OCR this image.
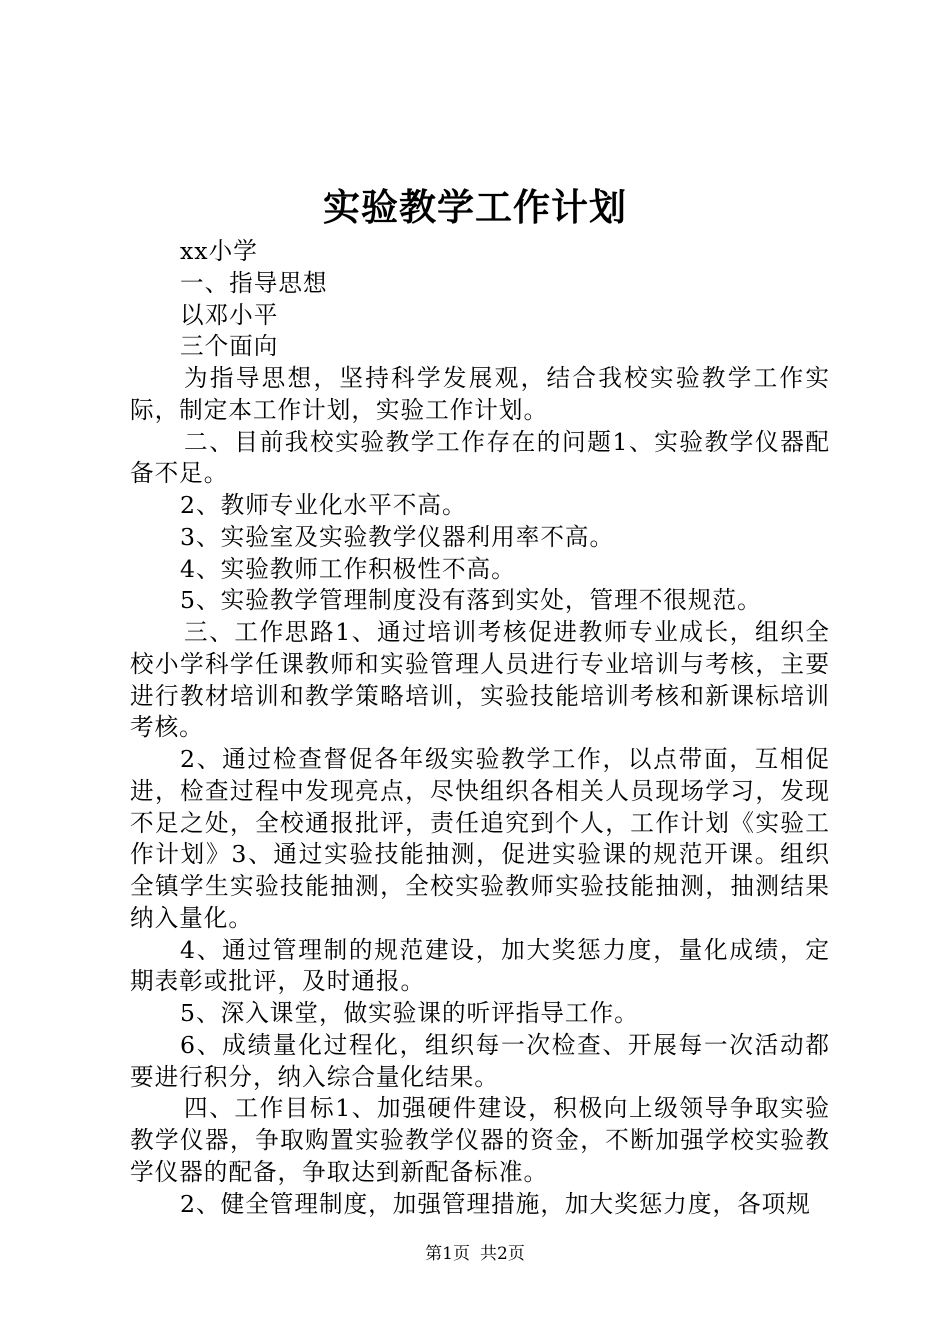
实验教学工作计划

xx小学

一、指导思想

以邓小平

三个面向

为指导思想，坚持科学发展观，结合我校实验教学工作实际，制定本工作计划，实验工作计划。

二、目前我校实验教学工作存在的问题1、实验教学仪器配备不足。

2、教师专业化水平不高。

3、实验室及实验教学仪器利用率不高。

4、实验教师工作积极性不高。

5、实验教学管理制度没有落到实处，管理不很规范。

三、工作思路1、通过培训考核促进教师专业成长，组织全校小学科学任课教师和实验管理人员进行专业培训与考核，主要进行教材培训和教学策略培训，实验技能培训考核和新课标培训考核。

2、通过检查督促各年级实验教学工作，以点带面，互相促进，检查过程中发现亮点，尽快组织各相关人员现场学习，发现不足之处，全校通报批评，责任追究到个人，工作计划《实验工作计划》3、通过实验技能抽测，促进实验课的规范开课。组织全镇学生实验技能抽测，全校实验教师实验技能抽测，抽测结果纳入量化。

4、通过管理制的规范建设，加大奖惩力度，量化成绩，定期表彰或批评，及时通报。

5、深入课堂，做实验课的听评指导工作。

6、成绩量化过程化，组织每一次检查、开展每一次活动都要进行积分，纳入综合量化结果。

四、工作目标1、加强硬件建设，积极向上级领导争取实验教学仪器，争取购置实验教学仪器的资金，不断加强学校实验教学仪器的配备，争取达到新配备标准。

2、健全管理制度，加强管理措施，加大奖惩力度，各项规

第1页 共2页
